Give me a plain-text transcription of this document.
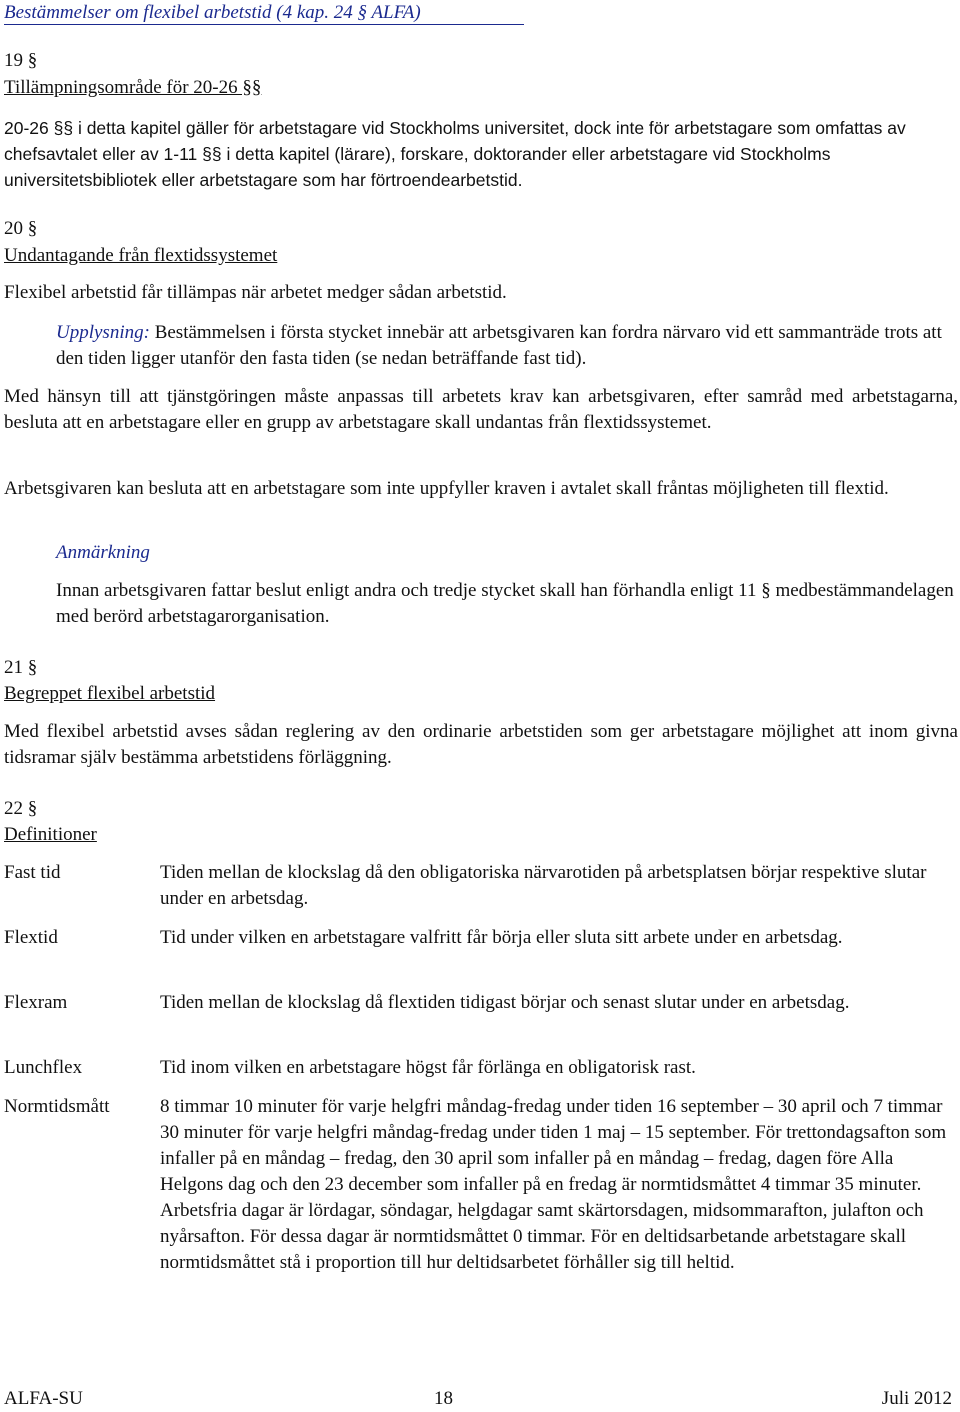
Bestämmelser om flexibel arbetstid (4 kap. 24 § ALFA)
19 §
Tillämpningsområde för 20-26 §§
20-26 §§ i detta kapitel gäller för arbetstagare vid Stockholms universitet, dock inte för arbetstagare som omfattas av chefsavtalet eller av 1-11 §§ i detta kapitel (lärare), forskare, doktorander eller arbetstagare vid Stockholms universitetsbibliotek eller arbetstagare som har förtroendearbetstid.
20 §
Undantagande från flextidssystemet
Flexibel arbetstid får tillämpas när arbetet medger sådan arbetstid.
Upplysning: Bestämmelsen i första stycket innebär att arbetsgivaren kan fordra närvaro vid ett sammanträde trots att den tiden ligger utanför den fasta tiden (se nedan beträffande fast tid).
Med hänsyn till att tjänstgöringen måste anpassas till arbetets krav kan arbetsgivaren, efter samråd med arbetstagarna, besluta att en arbetstagare eller en grupp av arbetstagare skall undantas från flextidssystemet.
Arbetsgivaren kan besluta att en arbetstagare som inte uppfyller kraven i avtalet skall fråntas möjligheten till flextid.
Anmärkning
Innan arbetsgivaren fattar beslut enligt andra och tredje stycket skall han förhandla enligt 11 § medbestämmandelagen med berörd arbetstagarorganisation.
21 §
Begreppet flexibel arbetstid
Med flexibel arbetstid avses sådan reglering av den ordinarie arbetstiden som ger arbetstagare möjlighet att inom givna tidsramar själv bestämma arbetstidens förläggning.
22 §
Definitioner
Fast tid	Tiden mellan de klockslag då den obligatoriska närvarotiden på arbetsplatsen börjar respektive slutar under en arbetsdag.
Flextid	Tid under vilken en arbetstagare valfritt får börja eller sluta sitt arbete under en arbetsdag.
Flexram	Tiden mellan de klockslag då flextiden tidigast börjar och senast slutar under en arbetsdag.
Lunchflex	Tid inom vilken en arbetstagare högst får förlänga en obligatorisk rast.
Normtidsmått	8 timmar 10 minuter för varje helgfri måndag-fredag under tiden 16 september – 30 april och 7 timmar 30 minuter för varje helgfri måndag-fredag under tiden 1 maj – 15 september. För trettondagsafton som infaller på en måndag – fredag, den 30 april som infaller på en måndag – fredag, dagen före Alla Helgons dag och den 23 december som infaller på en fredag är normtidsmåttet 4 timmar 35 minuter. Arbetsfria dagar är lördagar, söndagar, helgdagar samt skärtorsdagen, midsommarafton, julafton och nyårsafton. För dessa dagar är normtidsmåttet 0 timmar. För en deltidsarbetande arbetstagare skall normtidsmåttet stå i proportion till hur deltidsarbetet förhåller sig till heltid.
ALFA-SU	18	Juli 2012
